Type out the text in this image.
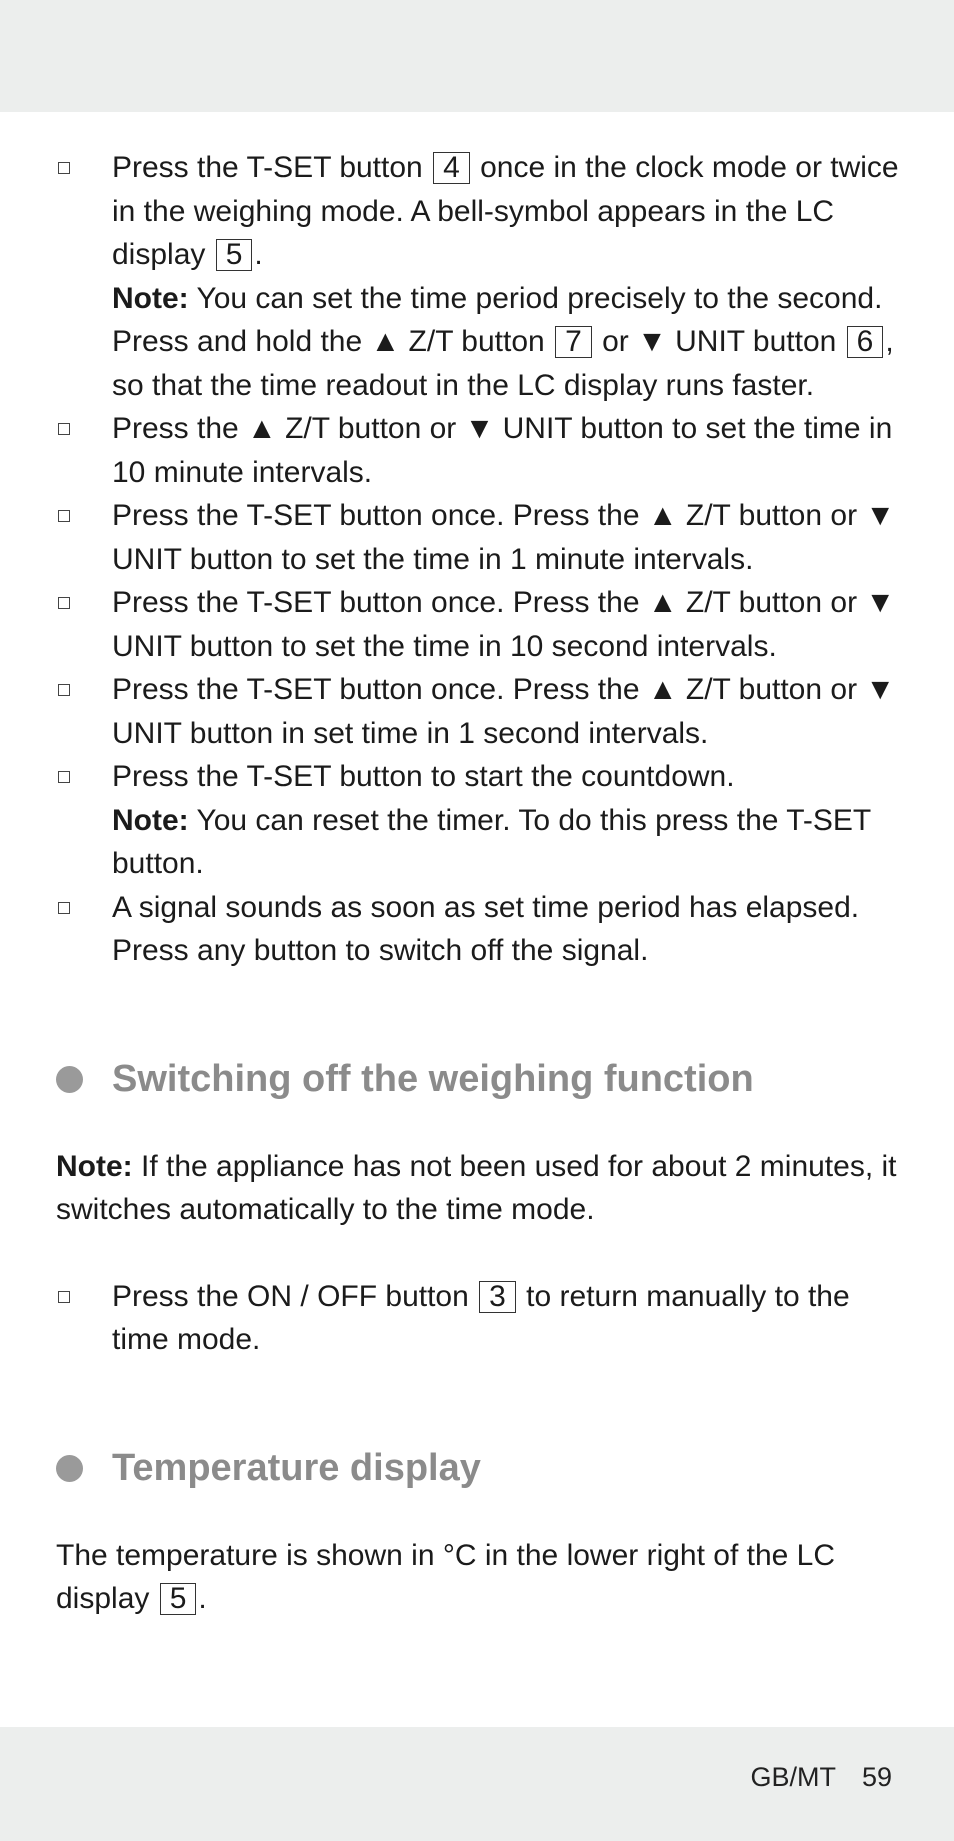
Press the T-SET button 4 once in the clock mode or twice in the weighing mode. A bell-symbol appears in the LC display 5 .
Note: You can set the time period precisely to the second. Press and hold the ▲ Z/T button 7 or ▼ UNIT button 6 , so that the time readout in the LC display runs faster.
Press the ▲ Z/T button or ▼ UNIT button to set the time in 10 minute intervals.
Press the T-SET button once. Press the ▲ Z/T button or ▼ UNIT button to set the time in 1 minute intervals.
Press the T-SET button once. Press the ▲ Z/T button or ▼ UNIT button to set the time in 10 second intervals.
Press the T-SET button once. Press the ▲ Z/T button or ▼ UNIT button in set time in 1 second intervals.
Press the T-SET button to start the countdown.
Note: You can reset the timer. To do this press the T-SET button.
A signal sounds as soon as set time period has elapsed. Press any button to switch off the signal.
Switching off the weighing function
Note: If the appliance has not been used for about 2 minutes, it switches automatically to the time mode.
Press the ON / OFF button 3 to return manually to the time mode.
Temperature display
The temperature is shown in °C in the lower right of the LC display 5 .
GB/MT 59
